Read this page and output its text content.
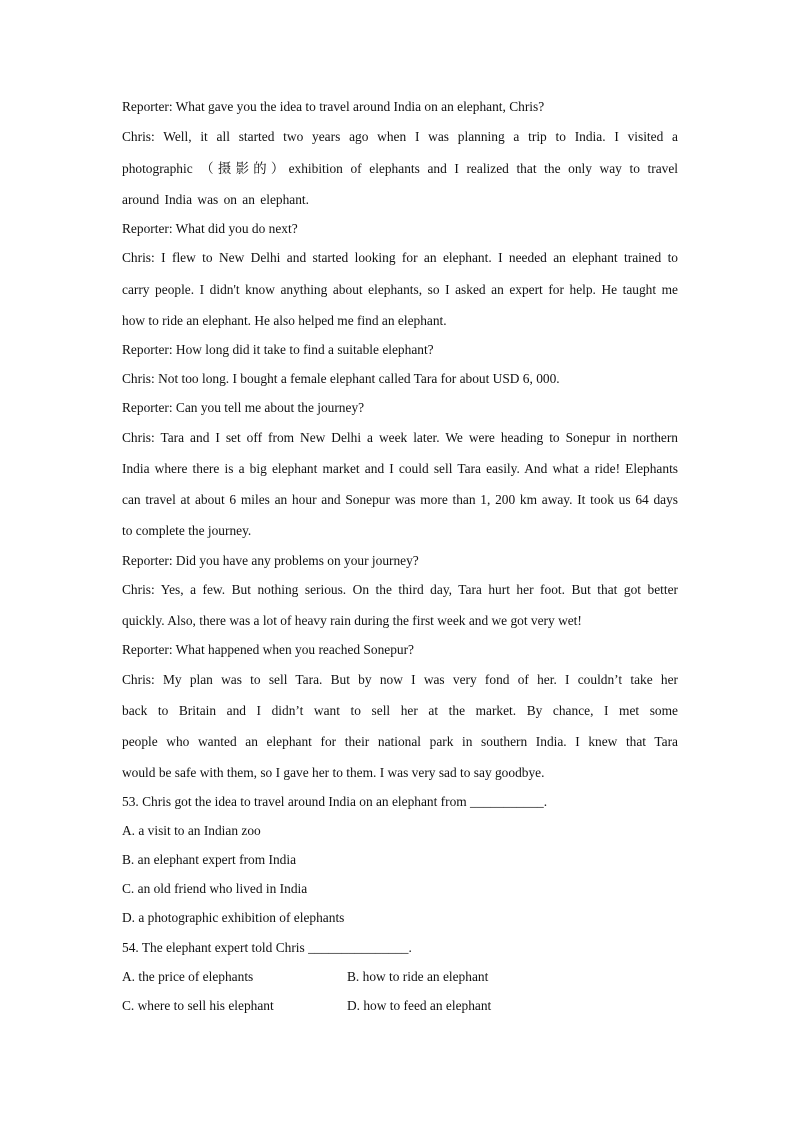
Reporter: What gave you the idea to travel around India on an elephant, Chris?
Chris: Well, it all started two years ago when I was planning a trip to India. I visited a
photographic （摄影的）exhibition of elephants and I realized that the only way to travel
around India was on an elephant.
Reporter: What did you do next?
Chris: I flew to New Delhi and started looking for an elephant. I needed an elephant trained to
carry people. I didn't know anything about elephants, so I asked an expert for help. He taught me
how to ride an elephant. He also helped me find an elephant.
Reporter: How long did it take to find a suitable elephant?
Chris: Not too long. I bought a female elephant called Tara for about USD 6, 000.
Reporter: Can you tell me about the journey?
Chris: Tara and I set off from New Delhi a week later. We were heading to Sonepur in northern
India where there is a big elephant market and I could sell Tara easily. And what a ride! Elephants
can travel at about 6 miles an hour and Sonepur was more than 1, 200 km away. It took us 64 days
to complete the journey.
Reporter: Did you have any problems on your journey?
Chris: Yes, a few. But nothing serious. On the third day, Tara hurt her foot. But that got better
quickly. Also, there was a lot of heavy rain during the first week and we got very wet!
Reporter: What happened when you reached Sonepur?
Chris: My plan was to sell Tara. But by now I was very fond of her. I couldn’t take her
back to Britain and I didn’t want to sell her at the market. By chance, I met some
people who wanted an elephant for their national park in southern India. I knew that Tara
would be safe with them, so I gave her to them. I was very sad to say goodbye.
53. Chris got the idea to travel around India on an elephant from ___________.
A. a visit to an Indian zoo
B. an elephant expert from India
C. an old friend who lived in India
D. a photographic exhibition of elephants
54. The elephant expert told Chris _______________.
A. the price of elephants	B. how to ride an elephant
C. where to sell his elephant	D. how to feed an elephant
